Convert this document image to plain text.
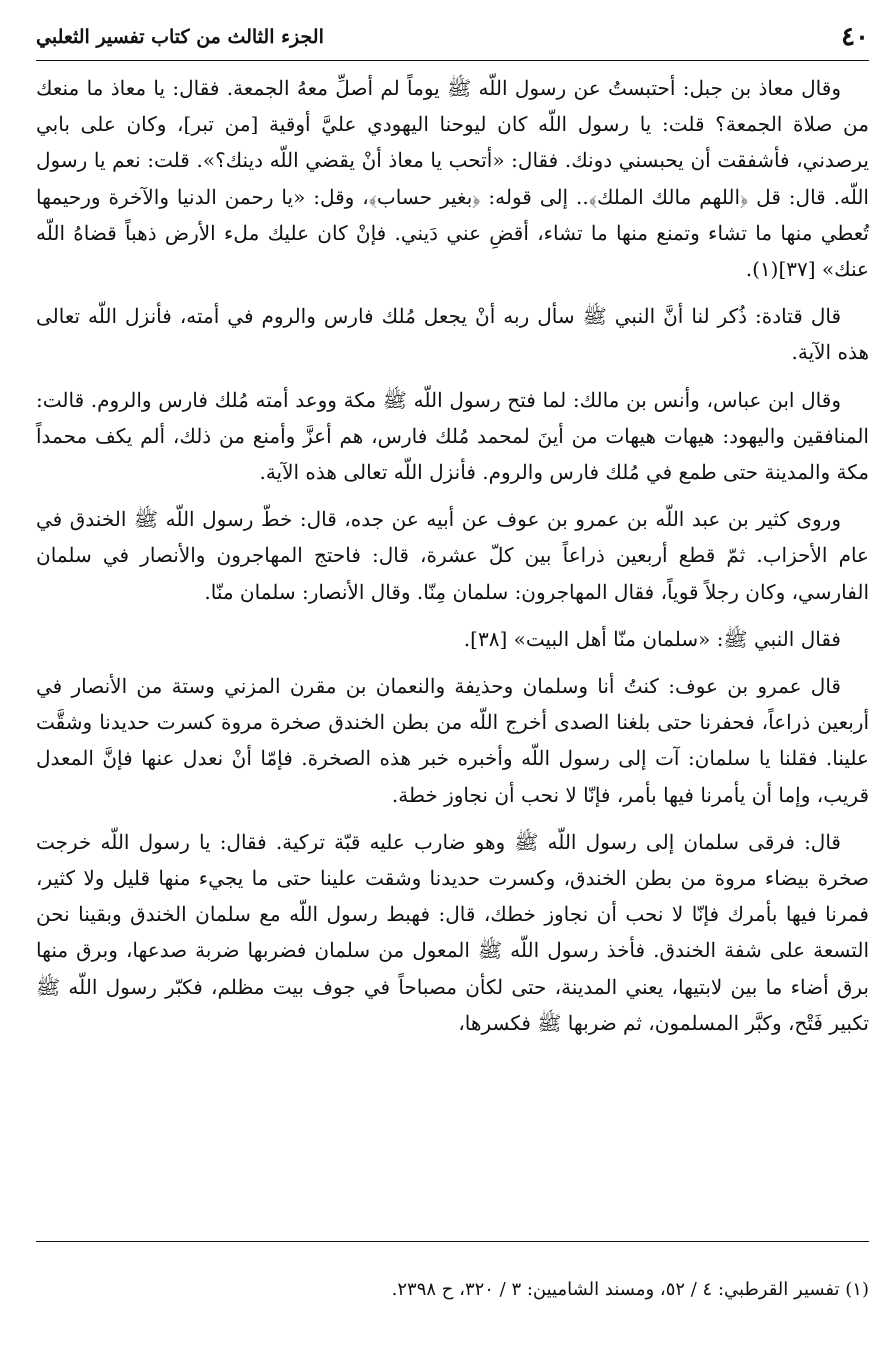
٤٠
الجزء الثالث من كتاب تفسير الثعلبي

وقال معاذ بن جبل: أحتبستُ عن رسول اللّه ﷺ يوماً لم أصلِّ معهُ الجمعة. فقال: يا معاذ ما منعك من صلاة الجمعة؟ قلت: يا رسول اللّه كان ليوحنا اليهودي عليَّ أوقية [من تبر]، وكان على بابي يرصدني، فأشفقت أن يحبسني دونك. فقال: «أتحب يا معاذ أنْ يقضي اللّه دينك؟». قلت: نعم يا رسول اللّه. قال: قل ﴿اللهم مالك الملك﴾.. إلى قوله: ﴿بغير حساب﴾، وقل: «يا رحمن الدنيا والآخرة ورحيمها تُعطي منها ما تشاء وتمنع منها ما تشاء، أقضِ عني دَيني. فإنْ كان عليك ملء الأرض ذهباً قضاهُ اللّه عنك» [٣٧](١).

قال قتادة: ذُكر لنا أنَّ النبي ﷺ سأل ربه أنْ يجعل مُلك فارس والروم في أمته، فأنزل اللّه تعالى هذه الآية.

وقال ابن عباس، وأنس بن مالك: لما فتح رسول اللّه ﷺ مكة ووعد أمته مُلك فارس والروم. قالت: المنافقين واليهود: هيهات هيهات من أينَ لمحمد مُلك فارس، هم أعزَّ وأمنع من ذلك، ألم يكف محمداً مكة والمدينة حتى طمع في مُلك فارس والروم. فأنزل اللّه تعالى هذه الآية.

وروى كثير بن عبد اللّه بن عمرو بن عوف عن أبيه عن جده، قال: خطّ رسول اللّه ﷺ الخندق في عام الأحزاب. ثمّ قطع أربعين ذراعاً بين كلّ عشرة، قال: فاحتج المهاجرون والأنصار في سلمان الفارسي، وكان رجلاً قوياً، فقال المهاجرون: سلمان مِنّا. وقال الأنصار: سلمان منّا.

فقال النبي ﷺ: «سلمان منّا أهل البيت» [٣٨].

قال عمرو بن عوف: كنتُ أنا وسلمان وحذيفة والنعمان بن مقرن المزني وستة من الأنصار في أربعين ذراعاً، فحفرنا حتى بلغنا الصدى أخرج اللّه من بطن الخندق صخرة مروة كسرت حديدنا وشقَّت علينا. فقلنا يا سلمان: آت إلى رسول اللّه وأخبره خبر هذه الصخرة. فإمّا أنْ نعدل عنها فإنَّ المعدل قريب، وإما أن يأمرنا فيها بأمر، فإنّا لا نحب أن نجاوز خطة.

قال: فرقى سلمان إلى رسول اللّه ﷺ وهو ضارب عليه قبّة تركية. فقال: يا رسول اللّه خرجت صخرة بيضاء مروة من بطن الخندق، وكسرت حديدنا وشقت علينا حتى ما يجيء منها قليل ولا كثير، فمرنا فيها بأمرك فإنّا لا نحب أن نجاوز خطك، قال: فهبط رسول اللّه مع سلمان الخندق وبقينا نحن التسعة على شفة الخندق. فأخذ رسول اللّه ﷺ المعول من سلمان فضربها ضربة صدعها، وبرق منها برق أضاء ما بين لابتيها، يعني المدينة، حتى لكأن مصباحاً في جوف بيت مظلم، فكبّر رسول اللّه ﷺ تكبير فَتْح، وكبَّر المسلمون، ثم ضربها ﷺ فكسرها،

(١) تفسير القرطبي: ٤ / ٥٢، ومسند الشاميين: ٣ / ٣٢٠، ح ٢٣٩٨.
